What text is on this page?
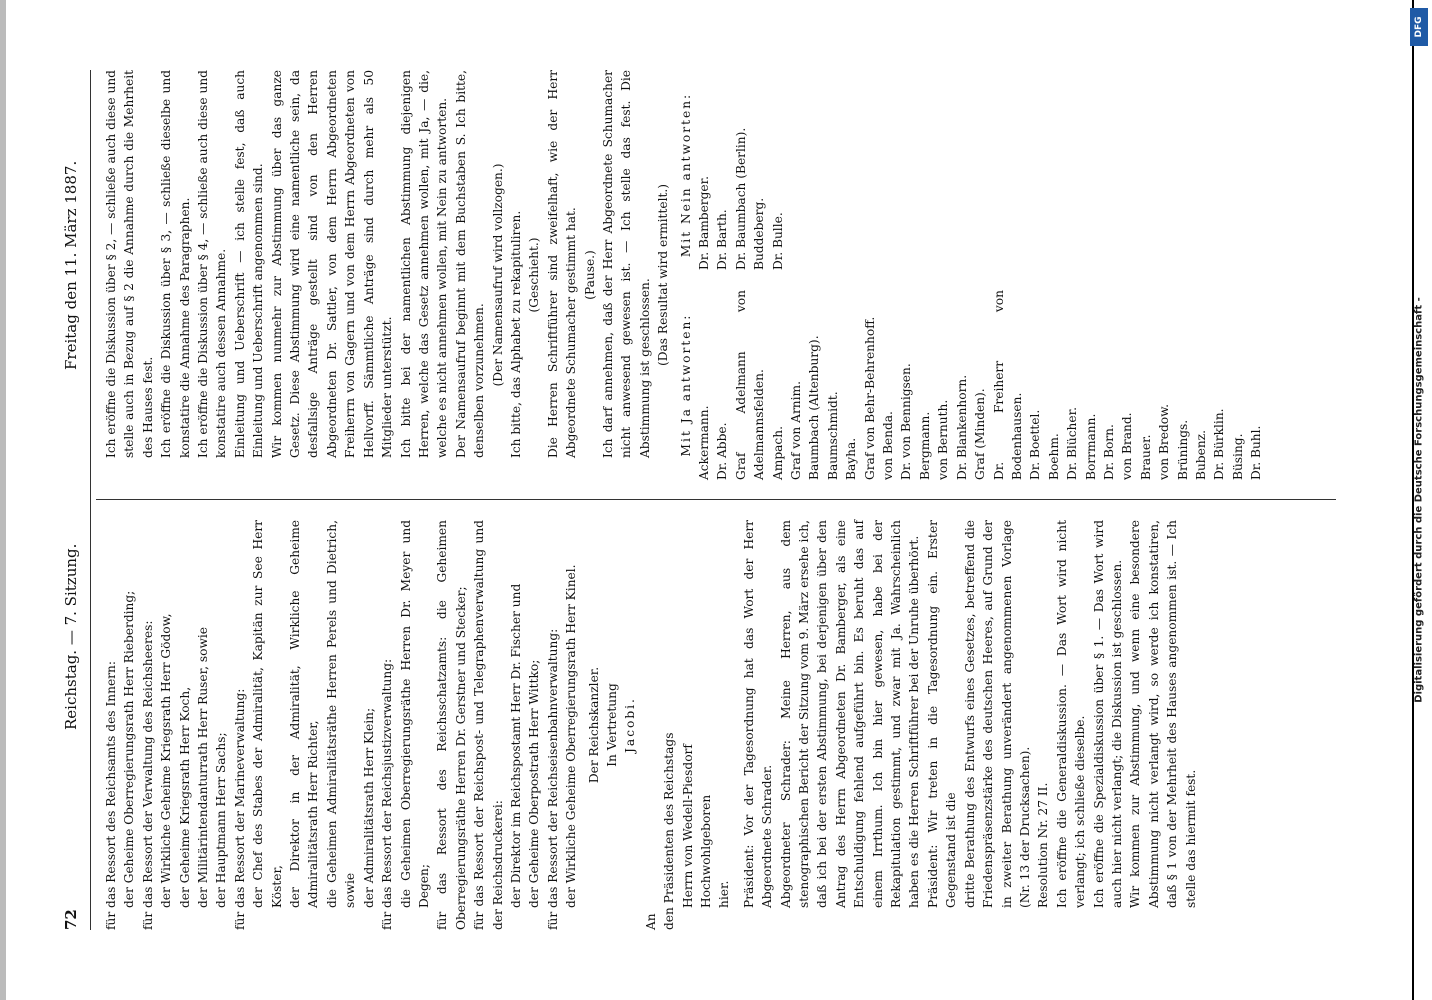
72
Reichstag. — 7. Sitzung.
Freitag den 11. März 1887.

für das Ressort des Reichsamts des Innern: der Geheime Oberregierungsrath Herr Rieberding; für das Ressort der Verwaltung des Reichsheeres: der Wirkliche Geheime Kriegsrath Herr Gödow, der Geheime Kriegsrath Herr Koch, der Militärintendanturrath Herr Ruser, sowie der Hauptmann Herr Sachs; für das Ressort der Marineverwaltung: der Chef des Stabes der Admiralität, Kapitän zur See Herr Köster, der Direktor in der Admiralität, Wirkliche Geheime Admiralitätsrath Herr Richter, die Geheimen Admiralitätsräthe Herren Perels und Dietrich, sowie der Admiralitätsrath Herr Klein; für das Ressort der Reichsjustizverwaltung: die Geheimen Oberregierungsräthe Herren Dr. Meyer und Degen; für das Ressort des Reichsschatzamts: die Geheimen Oberregierungsräthe Herren Dr. Gerstner und Stecker; für das Ressort der Reichspost- und Telegraphenverwaltung und der Reichsdruckerei: der Direktor im Reichspostamt Herr Dr. Fischer und der Geheime Oberpostrath Herr Wittko; für das Ressort der Reichseisenbahnverwaltung: der Wirkliche Geheime Oberregierungsrath Herr Kinel. Der Reichskanzler. In Vertretung Jacobi.

An den Präsidenten des Reichstags Herrn von Wedell-Piesdorf Hochwohlgeboren hier. Präsident: Vor der Tagesordnung hat das Wort der Herr Abgeordnete Schrader. Abgeordneter Schrader: Meine Herren, aus dem stenographischen Bericht der Sitzung vom 9. März ersehe ich, daß ich bei der ersten Abstimmung, bei derjenigen über den Antrag des Herrn Abgeordneten Dr. Bamberger, als eine Entschuldigung fehlend aufgeführt bin. Es beruht das auf einem Irrthum. Ich bin hier gewesen, habe bei der Rekapitulation gestimmt, und zwar mit Ja. Wahrscheinlich haben es die Herren Schriftführer bei der Unruhe überhört. Präsident: Wir treten in die Tagesordnung ein. Erster Gegenstand ist die dritte Berathung des Entwurfs eines Gesetzes, betreffend die Friedenspräsenzstärke des deutschen Heeres, auf Grund der in zweiter Berathung unverändert angenommenen Vorlage (Nr. 13 der Drucksachen). Resolution Nr. 27 II. Ich eröffne die Generaldiskussion. — Das Wort wird nicht verlangt; ich schließe dieselbe. Ich eröffne die Spezialdiskussion über § 1. — Das Wort wird auch hier nicht verlangt; die Diskussion ist geschlossen. Wir kommen zur Abstimmung, und wenn eine besondere Abstimmung nicht verlangt wird, so werde ich konstatiren, daß § 1 von der Mehrheit des Hauses angenommen ist. — Ich stelle das hiermit fest.

Ich eröffne die Diskussion über § 2, — schließe auch diese und stelle auch in Bezug auf § 2 die Annahme durch die Mehrheit des Hauses fest. Ich eröffne die Diskussion über § 3, — schließe dieselbe und konstatire die Annahme des Paragraphen. Ich eröffne die Diskussion über § 4, — schließe auch diese und konstatire auch dessen Annahme. Einleitung und Ueberschrift — ich stelle fest, daß auch Einleitung und Ueberschrift angenommen sind. Wir kommen nunmehr zur Abstimmung über das ganze Gesetz. Diese Abstimmung wird eine namentliche sein, da desfallsige Anträge gestellt sind von den Herren Abgeordneten Dr. Sattler, von dem Herrn Abgeordneten Freiherrn von Gagern und von dem Herrn Abgeordneten von Hellvorff. Sämmtliche Anträge sind durch mehr als 50 Mitglieder unterstützt. Ich bitte bei der namentlichen Abstimmung diejenigen Herren, welche das Gesetz annehmen wollen, mit Ja, — die, welche es nicht annehmen wollen, mit Nein zu antworten. Der Namensaufruf beginnt mit dem Buchstaben S. Ich bitte, denselben vorzunehmen. (Der Namensaufruf wird vollzogen.) Ich bitte, das Alphabet zu rekapituliren. (Geschieht.) Die Herren Schriftführer sind zweifelhaft, wie der Herr Abgeordnete Schumacher gestimmt hat. (Pause.) Ich darf annehmen, daß der Herr Abgeordnete Schumacher nicht anwesend gewesen ist. — Ich stelle das fest. Die Abstimmung ist geschlossen.

(Das Resultat wird ermittelt.)

Mit Ja antworten:
Mit Nein antworten:
Ackermann. Dr. Abbe. Graf Adelmann von Adelmannsfelden. Ampach. Graf von Arnim. Baumbach (Altenburg). Baumschmidt. Bayha. Graf von Behr-Behrenhoff. von Benda. Dr. von Bennigsen. Bergmann. von Bernuth. Dr. Blankenhorn. Graf (Minden). Dr. Freiherr von Bodenhausen. Dr. Boettel. Boehm. Dr. Blücher. Borrmann. Dr. Born. von Brand. Brauer. von Bredow. Brünings. Bubenz. Dr. Bürklin. Büsing. Dr. Buhl.
Dr. Bamberger. Dr. Barth. Dr. Baumbach (Berlin). Buddeberg. Dr. Bulle.
Digitalisierung gefördert durch die Deutsche Forschungsgemeinschaft -
DFG
